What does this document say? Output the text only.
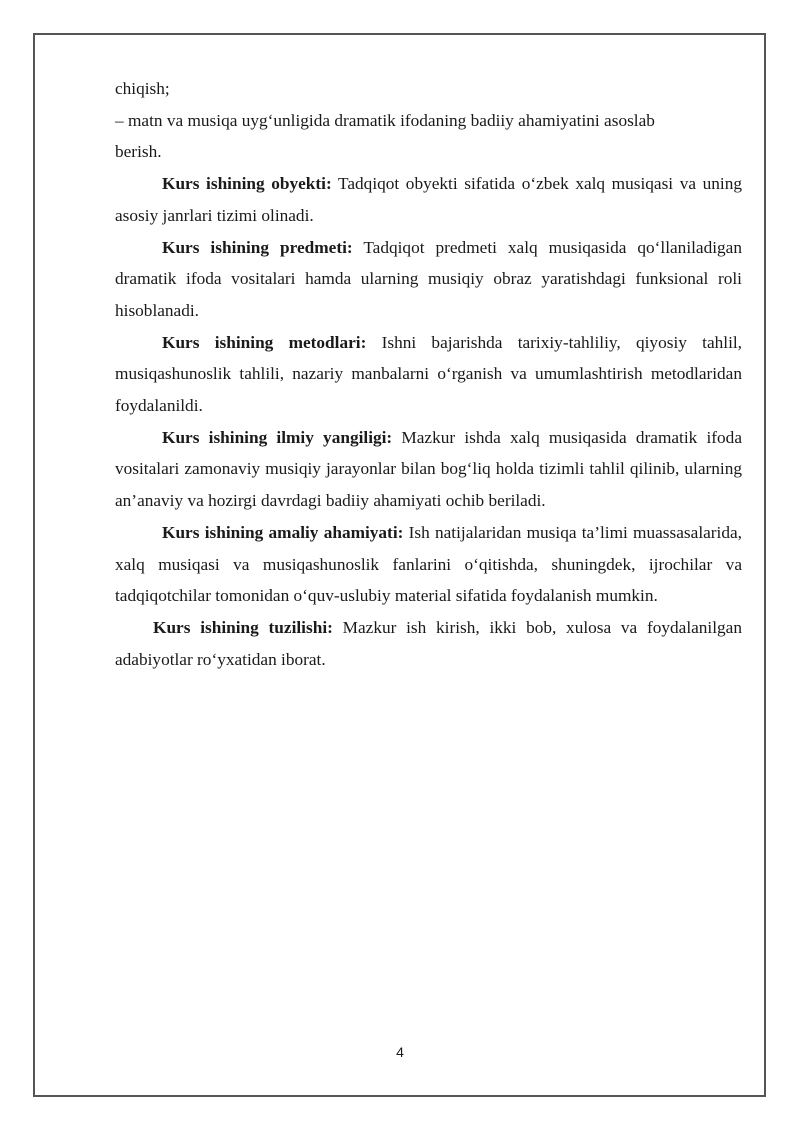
chiqish;

– matn va musiqa uyg‘unligida dramatik ifodaning badiiy ahamiyatini asoslab

berish.

Kurs ishining obyekti: Tadqiqot obyekti sifatida o‘zbek xalq musiqasi va uning asosiy janrlari tizimi olinadi.

Kurs ishining predmeti: Tadqiqot predmeti xalq musiqasida qo‘llaniladigan dramatik ifoda vositalari hamda ularning musiqiy obraz yaratishdagi funksional roli hisoblanadi.

Kurs ishining metodlari: Ishni bajarishda tarixiy-tahliliy, qiyosiy tahlil, musiqashunoslik tahlili, nazariy manbalarni o‘rganish va umumlashtirish metodlaridan foydalanildi.

Kurs ishining ilmiy yangiligi: Mazkur ishda xalq musiqasida dramatik ifoda vositalari zamonaviy musiqiy jarayonlar bilan bog‘liq holda tizimli tahlil qilinib, ularning an’anaviy va hozirgi davrdagi badiiy ahamiyati ochib beriladi.

Kurs ishining amaliy ahamiyati: Ish natijalaridan musiqa ta’limi muassasalarida, xalq musiqasi va musiqashunoslik fanlarini o‘qitishda, shuningdek, ijrochilar va tadqiqotchilar tomonidan o‘quv-uslubiy material sifatida foydalanish mumkin.

Kurs ishining tuzilishi: Mazkur ish kirish, ikki bob, xulosa va foydalanilgan adabiyotlar ro‘yxatidan iborat.

4
